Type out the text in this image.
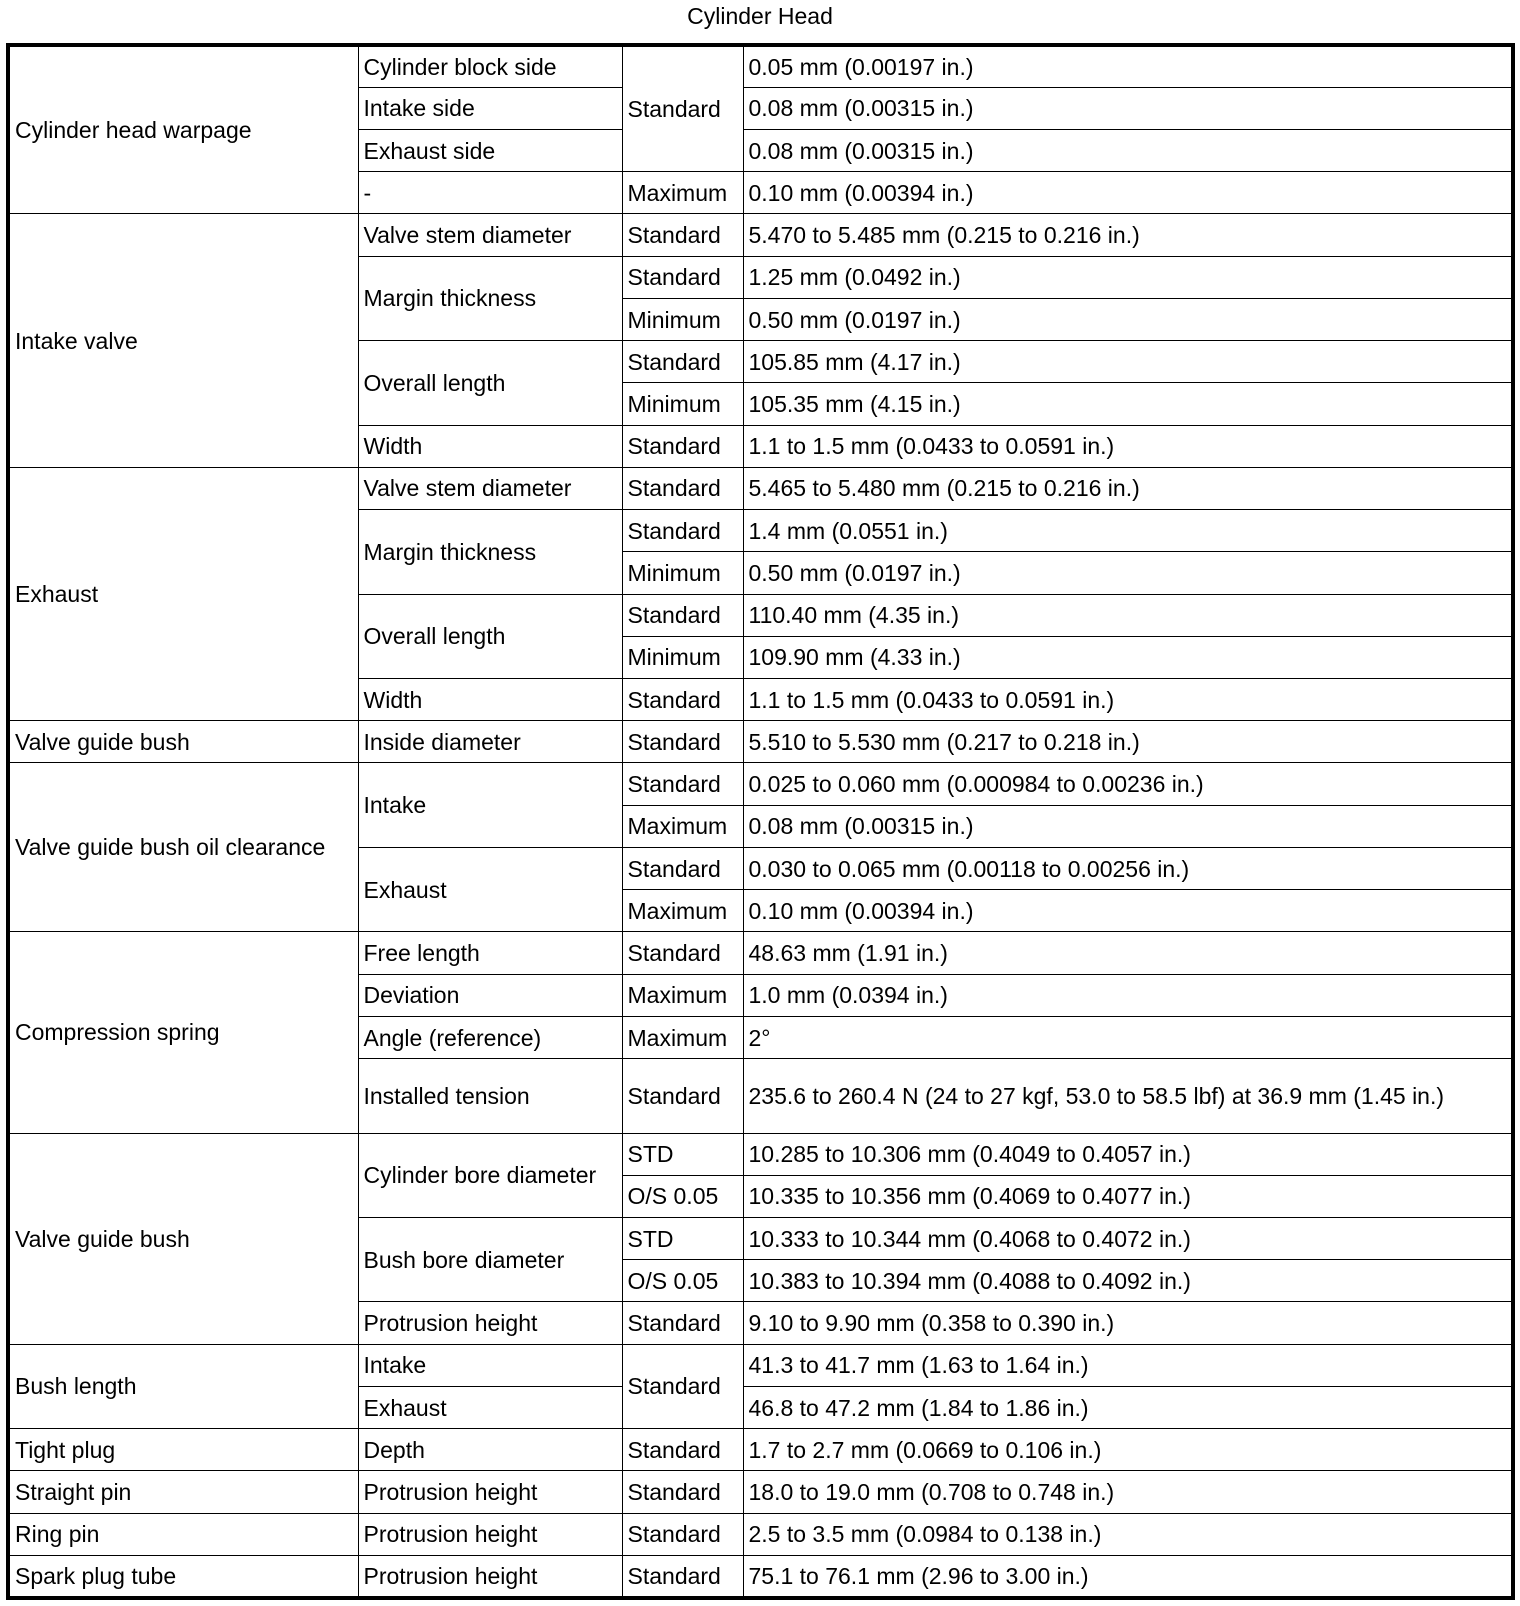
Cylinder Head
Cylinder head warpage	Cylinder block side	Standard	0.05 mm (0.00197 in.)
	Intake side		0.08 mm (0.00315 in.)
	Exhaust side		0.08 mm (0.00315 in.)
	-	Maximum	0.10 mm (0.00394 in.)
Intake valve	Valve stem diameter	Standard	5.470 to 5.485 mm (0.215 to 0.216 in.)
	Margin thickness	Standard	1.25 mm (0.0492 in.)
		Minimum	0.50 mm (0.0197 in.)
	Overall length	Standard	105.85 mm (4.17 in.)
		Minimum	105.35 mm (4.15 in.)
	Width	Standard	1.1 to 1.5 mm (0.0433 to 0.0591 in.)
Exhaust	Valve stem diameter	Standard	5.465 to 5.480 mm (0.215 to 0.216 in.)
	Margin thickness	Standard	1.4 mm (0.0551 in.)
		Minimum	0.50 mm (0.0197 in.)
	Overall length	Standard	110.40 mm (4.35 in.)
		Minimum	109.90 mm (4.33 in.)
	Width	Standard	1.1 to 1.5 mm (0.0433 to 0.0591 in.)
Valve guide bush	Inside diameter	Standard	5.510 to 5.530 mm (0.217 to 0.218 in.)
Valve guide bush oil clearance	Intake	Standard	0.025 to 0.060 mm (0.000984 to 0.00236 in.)
		Maximum	0.08 mm (0.00315 in.)
	Exhaust	Standard	0.030 to 0.065 mm (0.00118 to 0.00256 in.)
		Maximum	0.10 mm (0.00394 in.)
Compression spring	Free length	Standard	48.63 mm (1.91 in.)
	Deviation	Maximum	1.0 mm (0.0394 in.)
	Angle (reference)	Maximum	2°
	Installed tension	Standard	235.6 to 260.4 N (24 to 27 kgf, 53.0 to 58.5 lbf) at 36.9 mm (1.45 in.)
Valve guide bush	Cylinder bore diameter	STD	10.285 to 10.306 mm (0.4049 to 0.4057 in.)
		O/S 0.05	10.335 to 10.356 mm (0.4069 to 0.4077 in.)
	Bush bore diameter	STD	10.333 to 10.344 mm (0.4068 to 0.4072 in.)
		O/S 0.05	10.383 to 10.394 mm (0.4088 to 0.4092 in.)
	Protrusion height	Standard	9.10 to 9.90 mm (0.358 to 0.390 in.)
Bush length	Intake	Standard	41.3 to 41.7 mm (1.63 to 1.64 in.)
	Exhaust		46.8 to 47.2 mm (1.84 to 1.86 in.)
Tight plug	Depth	Standard	1.7 to 2.7 mm (0.0669 to 0.106 in.)
Straight pin	Protrusion height	Standard	18.0 to 19.0 mm (0.708 to 0.748 in.)
Ring pin	Protrusion height	Standard	2.5 to 3.5 mm (0.0984 to 0.138 in.)
Spark plug tube	Protrusion height	Standard	75.1 to 76.1 mm (2.96 to 3.00 in.)
